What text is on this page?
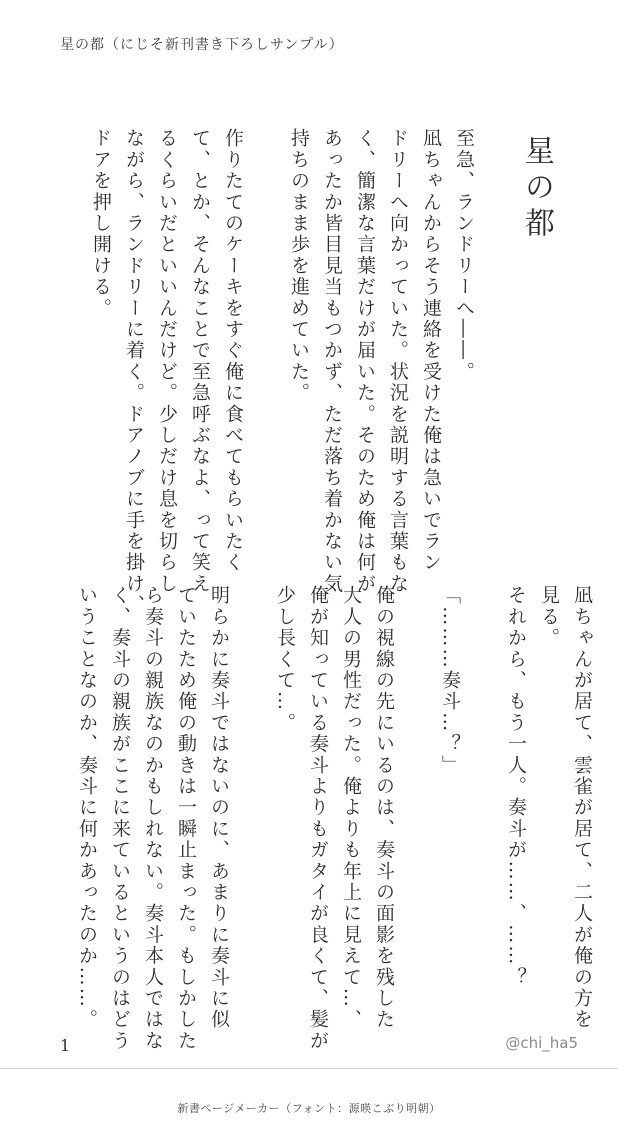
星の都（にじそ新刊書き下ろしサンプル）
星の都

至急、ランドリーへ――。

凪ちゃんからそう連絡を受けた俺は急いでラン

ドリーへ向かっていた。状況を説明する言葉もな

く、簡潔な言葉だけが届いた。そのため俺は何が

あったか皆目見当もつかず、ただ落ち着かない気

持ちのまま歩を進めていた。

作りたてのケーキをすぐ俺に食べてもらいたく

て、とか、そんなことで至急呼ぶなよ、って笑え

るくらいだといいんだけど。少しだけ息を切らし

ながら、ランドリーに着く。ドアノブに手を掛け、

ドアを押し開ける。

凪ちゃんが居て、雲雀が居て、二人が俺の方を

見る。

それから、もう一人。奏斗が……、……？

「………奏斗…？」

俺の視線の先にいるのは、奏斗の面影を残した

大人の男性だった。俺よりも年上に見えて…、

俺が知っている奏斗よりもガタイが良くて、髪が

少し長くて…。

明らかに奏斗ではないのに、あまりに奏斗に似

ていたため俺の動きは一瞬止まった。もしかした

ら奏斗の親族なのかもしれない。奏斗本人ではな

く、奏斗の親族がここに来ているというのはどう

いうことなのか、奏斗に何かあったのか……。

1	@chi_ha5
新書ページメーカー（フォント：源暎こぶり明朝）
